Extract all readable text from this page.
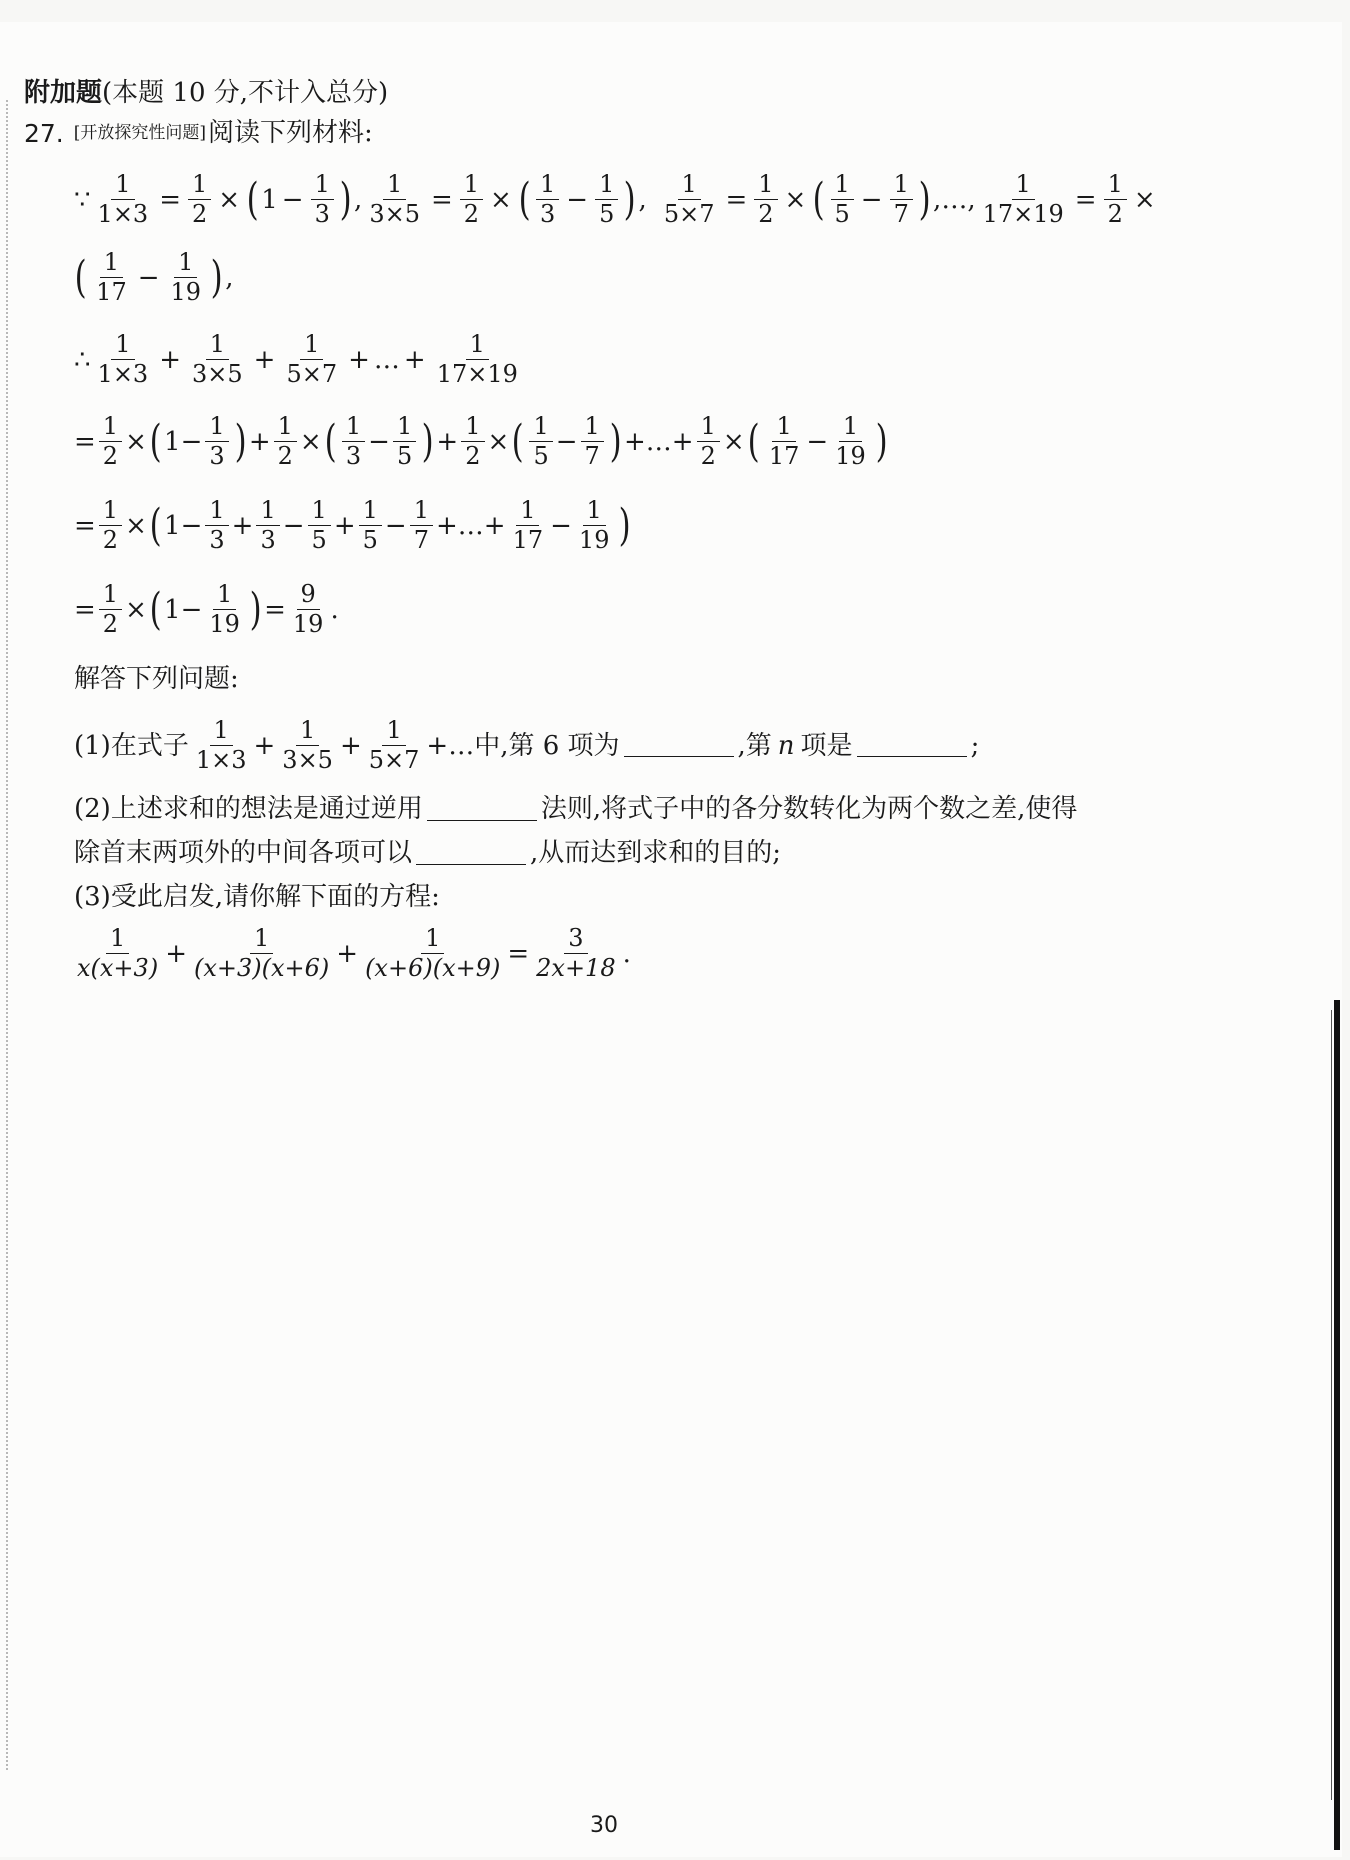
附加题 (本题 10 分,不计入总分)
27. [开放探究性问题] 阅读下列材料:
∵ $\frac{1}{1\times 3} = \frac{1}{2}$ × ( $1 - \frac{1}{3}$ ) , $\frac{1}{3\times 5} = \frac{1}{2}$ × ( $\frac{1}{3} - \frac{1}{5}$ ) , $\frac{1}{5\times 7} = \frac{1}{2}$ × ( $\frac{1}{5} - \frac{1}{7}$ ) , … , $\frac{1}{17\times 19} = \frac{1}{2}$ ×
( $\frac{1}{17} - \frac{1}{19}$ ) ,
∴ $\frac{1}{1\times 3} + \frac{1}{3\times 5} + \frac{1}{5\times 7}$ + … + $\frac{1}{17\times 19}$
= $\frac{1}{2}$ × ( $1 - \frac{1}{3}$ ) + $\frac{1}{2}$ × ( $\frac{1}{3} - \frac{1}{5}$ ) + $\frac{1}{2}$ × ( $\frac{1}{5} - \frac{1}{7}$ ) + … + $\frac{1}{2}$ × ( $\frac{1}{17} - \frac{1}{19}$ )
= $\frac{1}{2}$ × ( $1 - \frac{1}{3} + \frac{1}{3} - \frac{1}{5} + \frac{1}{5} - \frac{1}{7}$ + … + $\frac{1}{17} - \frac{1}{19}$ )
= $\frac{1}{2}$ × ( $1 - \frac{1}{19}$ ) = $\frac{9}{19}$ .
解答下列问题:
(1)在式子 $\frac{1}{1\times 3} + \frac{1}{3\times 5} + \frac{1}{5\times 7}$ +…中,第 6 项为	,第 n 项是	;
(2)上述求和的想法是通过逆用	法则,将式子中的各分数转化为两个数之差,使得
除首末两项外的中间各项可以	,从而达到求和的目的;
(3)受此启发,请你解下面的方程:
$\frac{1}{x(x+3)} + \frac{1}{(x+3)(x+6)} + \frac{1}{(x+6)(x+9)} = \frac{3}{2x+18}$ .
30
